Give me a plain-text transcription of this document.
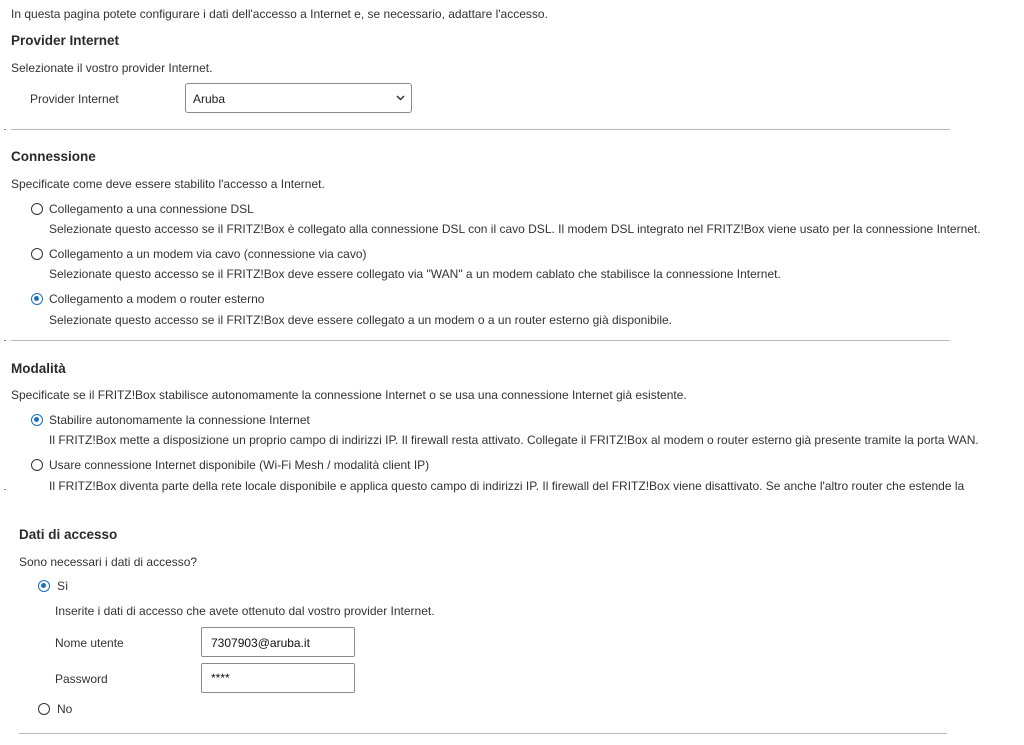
In questa pagina potete configurare i dati dell'accesso a Internet e, se necessario, adattare l'accesso.
Provider Internet
Selezionate il vostro provider Internet.
Provider Internet	Aruba
Connessione
Specificate come deve essere stabilito l'accesso a Internet.
Collegamento a una connessione DSL
Selezionate questo accesso se il FRITZ!Box è collegato alla connessione DSL con il cavo DSL. Il modem DSL integrato nel FRITZ!Box viene usato per la connessione Internet.
Collegamento a un modem via cavo (connessione via cavo)
Selezionate questo accesso se il FRITZ!Box deve essere collegato via "WAN" a un modem cablato che stabilisce la connessione Internet.
Collegamento a modem o router esterno
Selezionate questo accesso se il FRITZ!Box deve essere collegato a un modem o a un router esterno già disponibile.
Modalità
Specificate se il FRITZ!Box stabilisce autonomamente la connessione Internet o se usa una connessione Internet già esistente.
Stabilire autonomamente la connessione Internet
Il FRITZ!Box mette a disposizione un proprio campo di indirizzi IP. Il firewall resta attivato. Collegate il FRITZ!Box al modem o router esterno già presente tramite la porta WAN.
Usare connessione Internet disponibile (Wi-Fi Mesh / modalità client IP)
Il FRITZ!Box diventa parte della rete locale disponibile e applica questo campo di indirizzi IP. Il firewall del FRITZ!Box viene disattivato. Se anche l'altro router che estende la
Dati di accesso
Sono necessari i dati di accesso?
Sì
Inserite i dati di accesso che avete ottenuto dal vostro provider Internet.
Nome utente	7307903@aruba.it
Password	****
No
